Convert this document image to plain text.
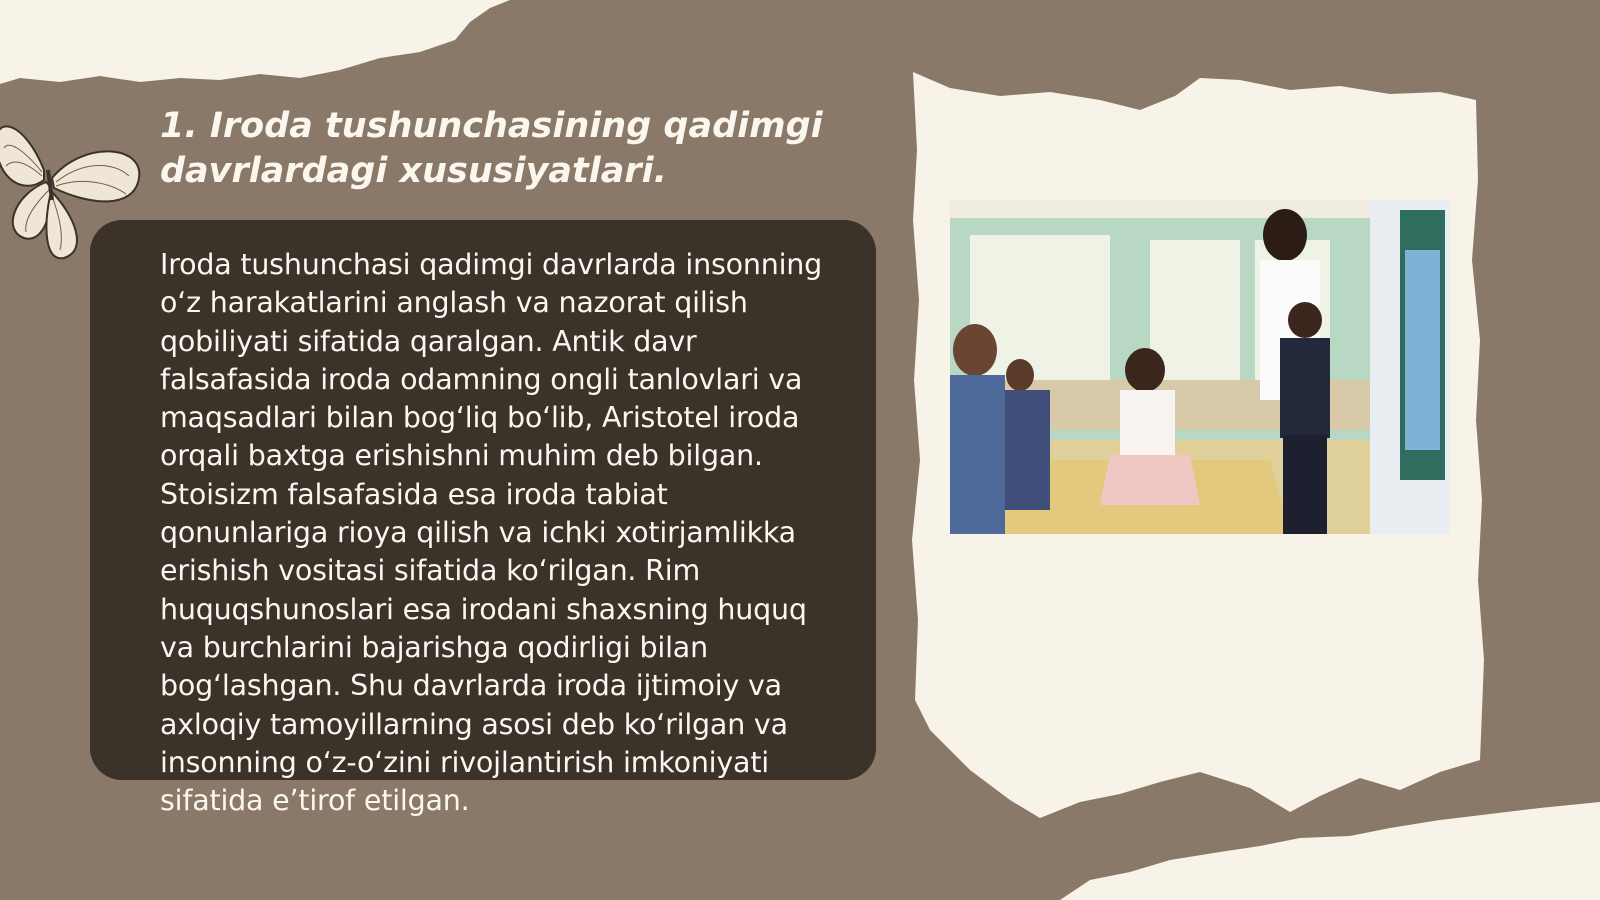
1. Iroda tushunchasining qadimgi davrlardagi xususiyatlari.

Iroda tushunchasi qadimgi davrlarda insonning oʻz harakatlarini anglash va nazorat qilish qobiliyati sifatida qaralgan. Antik davr falsafasida iroda odamning ongli tanlovlari va maqsadlari bilan bogʻliq boʻlib, Aristotel iroda orqali baxtga erishishni muhim deb bilgan. Stoisizm falsafasida esa iroda tabiat qonunlariga rioya qilish va ichki xotirjamlikka erishish vositasi sifatida koʻrilgan. Rim huquqshunoslari esa irodani shaxsning huquq va burchlarini bajarishga qodirligi bilan bogʻlashgan. Shu davrlarda iroda ijtimoiy va axloqiy tamoyillarning asosi deb koʻrilgan va insonning oʻz-oʻzini rivojlantirish imkoniyati sifatida eʼtirof etilgan.
